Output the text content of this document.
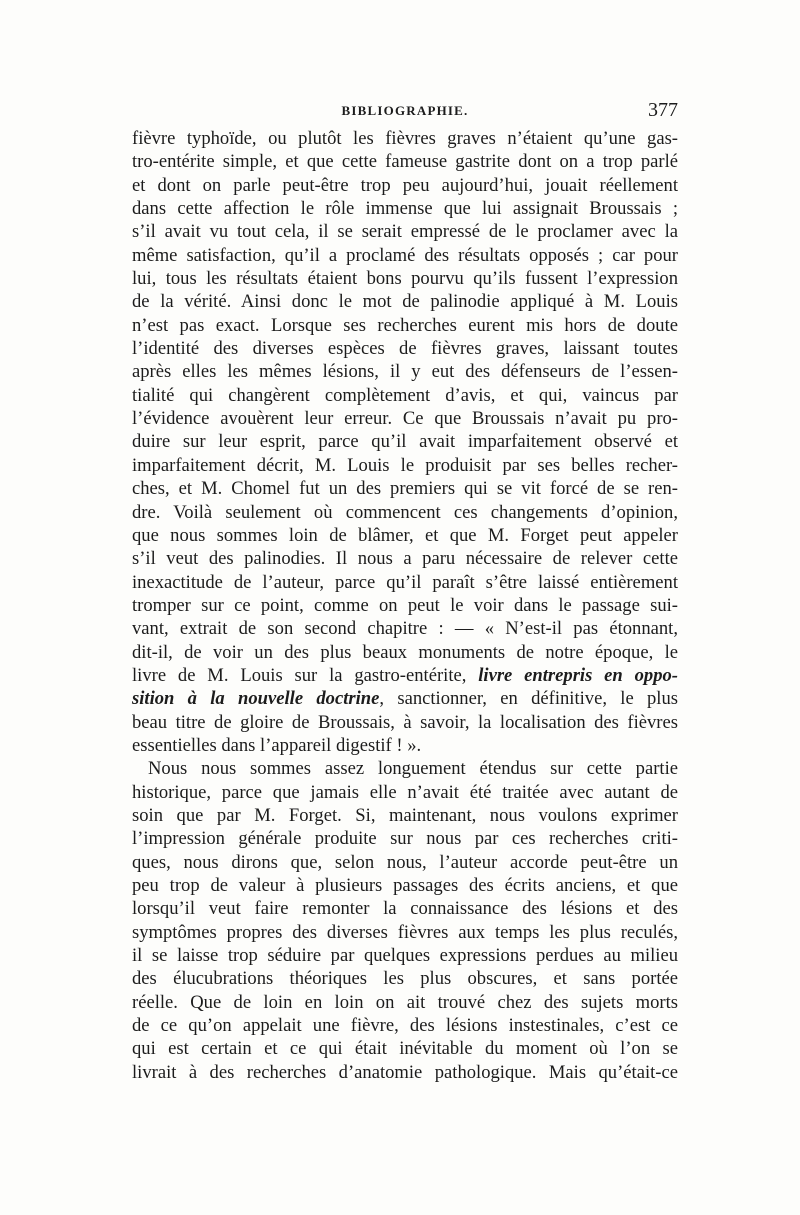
BIBLIOGRAPHIE.	377
fièvre typhoïde, ou plutôt les fièvres graves n’étaient qu’une gas-
tro-entérite simple, et que cette fameuse gastrite dont on a trop parlé
et dont on parle peut-être trop peu aujourd’hui, jouait réellement
dans cette affection le rôle immense que lui assignait Broussais ;
s’il avait vu tout cela, il se serait empressé de le proclamer avec la
même satisfaction, qu’il a proclamé des résultats opposés ; car pour
lui, tous les résultats étaient bons pourvu qu’ils fussent l’expression
de la vérité. Ainsi donc le mot de palinodie appliqué à M. Louis
n’est pas exact. Lorsque ses recherches eurent mis hors de doute
l’identité des diverses espèces de fièvres graves, laissant toutes
après elles les mêmes lésions, il y eut des défenseurs de l’essen-
tialité qui changèrent complètement d’avis, et qui, vaincus par
l’évidence avouèrent leur erreur. Ce que Broussais n’avait pu pro-
duire sur leur esprit, parce qu’il avait imparfaitement observé et
imparfaitement décrit, M. Louis le produisit par ses belles recher-
ches, et M. Chomel fut un des premiers qui se vit forcé de se ren-
dre. Voilà seulement où commencent ces changements d’opinion,
que nous sommes loin de blâmer, et que M. Forget peut appeler
s’il veut des palinodies. Il nous a paru nécessaire de relever cette
inexactitude de l’auteur, parce qu’il paraît s’être laissé entièrement
tromper sur ce point, comme on peut le voir dans le passage sui-
vant, extrait de son second chapitre : — « N’est-il pas étonnant,
dit-il, de voir un des plus beaux monuments de notre époque, le
livre de M. Louis sur la gastro-entérite, livre entrepris en oppo-
sition à la nouvelle doctrine, sanctionner, en définitive, le plus
beau titre de gloire de Broussais, à savoir, la localisation des fièvres
essentielles dans l’appareil digestif ! ».
Nous nous sommes assez longuement étendus sur cette partie
historique, parce que jamais elle n’avait été traitée avec autant de
soin que par M. Forget. Si, maintenant, nous voulons exprimer
l’impression générale produite sur nous par ces recherches criti-
ques, nous dirons que, selon nous, l’auteur accorde peut-être un
peu trop de valeur à plusieurs passages des écrits anciens, et que
lorsqu’il veut faire remonter la connaissance des lésions et des
symptômes propres des diverses fièvres aux temps les plus reculés,
il se laisse trop séduire par quelques expressions perdues au milieu
des élucubrations théoriques les plus obscures, et sans portée
réelle. Que de loin en loin on ait trouvé chez des sujets morts
de ce qu’on appelait une fièvre, des lésions instestinales, c’est ce
qui est certain et ce qui était inévitable du moment où l’on se
livrait à des recherches d’anatomie pathologique. Mais qu’était-ce
